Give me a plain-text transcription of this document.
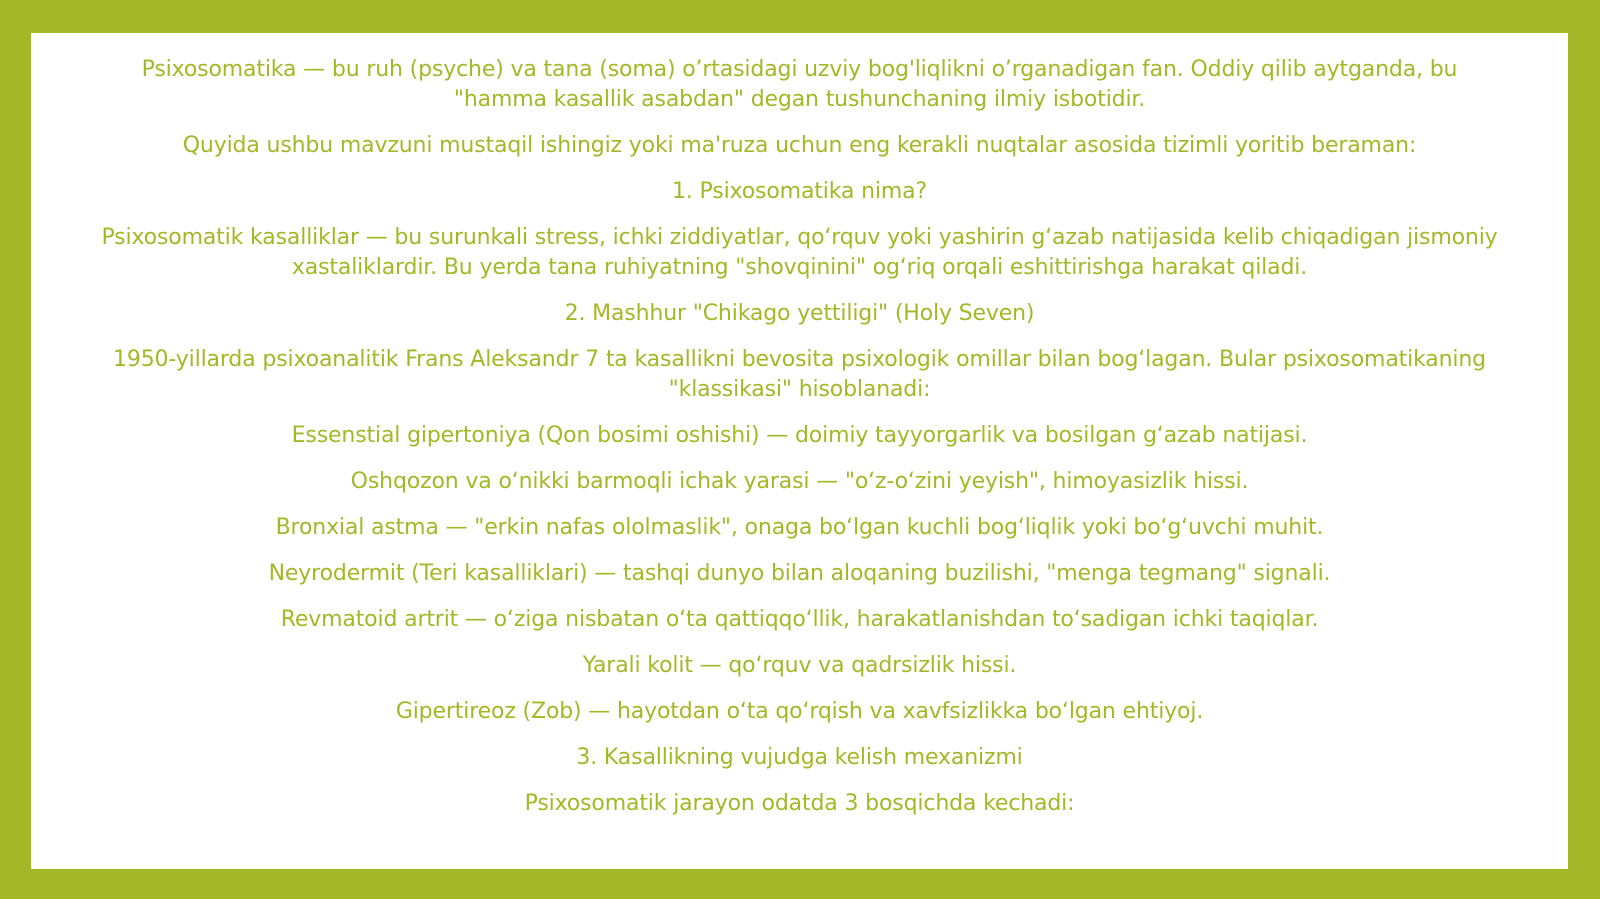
Psixosomatika — bu ruh (psyche) va tana (soma) o’rtasidagi uzviy bog'liqlikni o’rganadigan fan. Oddiy qilib aytganda, bu "hamma kasallik asabdan" degan tushunchaning ilmiy isbotidir.

Quyida ushbu mavzuni mustaqil ishingiz yoki ma'ruza uchun eng kerakli nuqtalar asosida tizimli yoritib beraman:

1. Psixosomatika nima?

Psixosomatik kasalliklar — bu surunkali stress, ichki ziddiyatlar, qo‘rquv yoki yashirin g‘azab natijasida kelib chiqadigan jismoniy xastaliklardir. Bu yerda tana ruhiyatning "shovqinini" og‘riq orqali eshittirishga harakat qiladi.

2. Mashhur "Chikago yettiligi" (Holy Seven)

1950-yillarda psixoanalitik Frans Aleksandr 7 ta kasallikni bevosita psixologik omillar bilan bog‘lagan. Bular psixosomatikaning "klassikasi" hisoblanadi:

Essenstial gipertoniya (Qon bosimi oshishi) — doimiy tayyorgarlik va bosilgan g‘azab natijasi.

Oshqozon va o‘nikki barmoqli ichak yarasi — "o‘z-o‘zini yeyish", himoyasizlik hissi.

Bronxial astma — "erkin nafas ololmaslik", onaga bo‘lgan kuchli bog‘liqlik yoki bo‘g‘uvchi muhit.

Neyrodermit (Teri kasalliklari) — tashqi dunyo bilan aloqaning buzilishi, "menga tegmang" signali.

Revmatoid artrit — o‘ziga nisbatan o‘ta qattiqqo‘llik, harakatlanishdan to‘sadigan ichki taqiqlar.

Yarali kolit — qo‘rquv va qadrsizlik hissi.

Gipertireoz (Zob) — hayotdan o‘ta qo‘rqish va xavfsizlikka bo‘lgan ehtiyoj.

3. Kasallikning vujudga kelish mexanizmi

Psixosomatik jarayon odatda 3 bosqichda kechadi:
